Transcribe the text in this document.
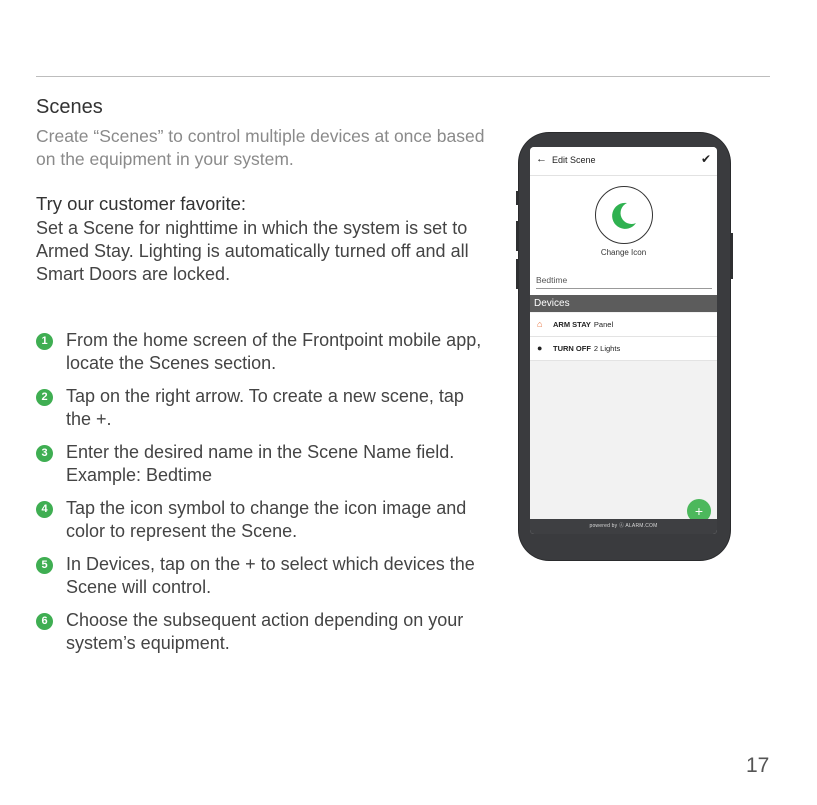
Scenes
Create “Scenes” to control multiple devices at once based on the equipment in your system.
Try our customer favorite:
Set a Scene for nighttime in which the system is set to Armed Stay. Lighting is automatically turned off and all Smart Doors are locked.
1	From the home screen of the Frontpoint mobile app, locate the Scenes section.
2	Tap on the right arrow. To create a new scene, tap the +.
3	Enter the desired name in the Scene Name field. Example: Bedtime
4	Tap the icon symbol to change the icon image and color to represent the Scene.
5	In Devices, tap on the + to select which devices the Scene will control.
6	Choose the subsequent action depending on your system’s equipment.
17
← Edit Scene	✔
Change Icon
Bedtime
Devices
⌂ ARM STAY Panel
● TURN OFF 2 Lights
+
powered by Ⓐ ALARM.COM
